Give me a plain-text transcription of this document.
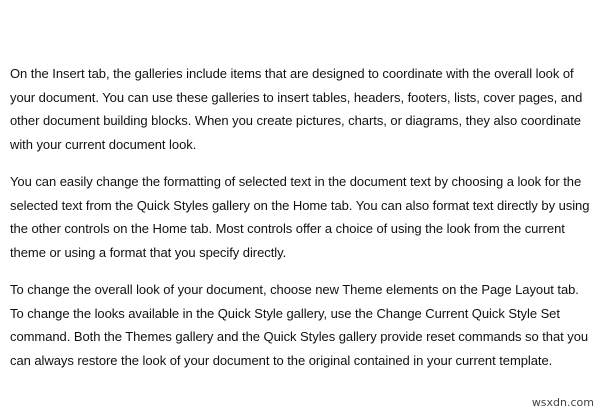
On the Insert tab, the galleries include items that are designed to coordinate with the overall look of your document. You can use these galleries to insert tables, headers, footers, lists, cover pages, and other document building blocks. When you create pictures, charts, or diagrams, they also coordinate with your current document look.

You can easily change the formatting of selected text in the document text by choosing a look for the selected text from the Quick Styles gallery on the Home tab. You can also format text directly by using the other controls on the Home tab. Most controls offer a choice of using the look from the current theme or using a format that you specify directly.

To change the overall look of your document, choose new Theme elements on the Page Layout tab. To change the looks available in the Quick Style gallery, use the Change Current Quick Style Set command. Both the Themes gallery and the Quick Styles gallery provide reset commands so that you can always restore the look of your document to the original contained in your current template.

wsxdn.com
